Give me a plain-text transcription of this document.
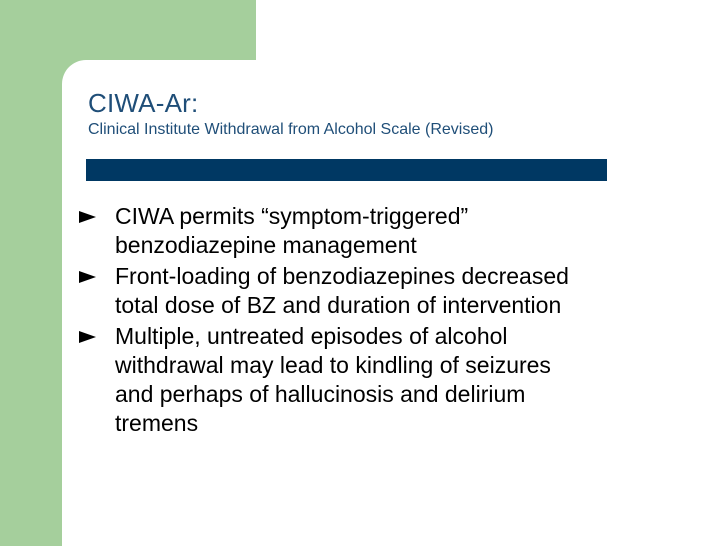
CIWA-Ar:
Clinical Institute Withdrawal from Alcohol Scale (Revised)
CIWA permits “symptom-triggered”
benzodiazepine management
Front-loading of benzodiazepines decreased
total dose of BZ and duration of intervention
Multiple, untreated episodes of alcohol
withdrawal may lead to kindling of seizures
and perhaps of hallucinosis and delirium
tremens
